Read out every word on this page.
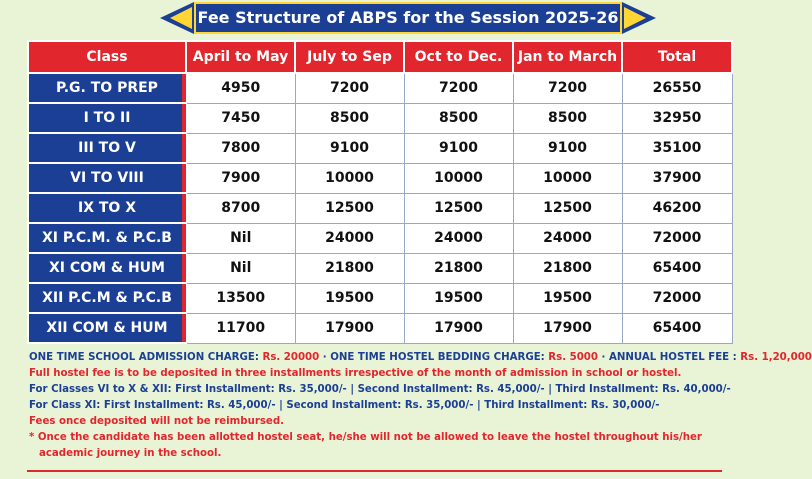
Fee Structure of ABPS for the Session 2025-26
Class	April to May	July to Sep	Oct to Dec.	Jan to March	Total
P.G. TO PREP	4950	7200	7200	7200	26550
I TO II	7450	8500	8500	8500	32950
III TO V	7800	9100	9100	9100	35100
VI TO VIII	7900	10000	10000	10000	37900
IX TO X	8700	12500	12500	12500	46200
XI P.C.M. & P.C.B	Nil	24000	24000	24000	72000
XI COM & HUM	Nil	21800	21800	21800	65400
XII P.C.M & P.C.B	13500	19500	19500	19500	72000
XII COM & HUM	11700	17900	17900	17900	65400
ONE TIME SCHOOL ADMISSION CHARGE: Rs. 20000 · ONE TIME HOSTEL BEDDING CHARGE: Rs. 5000 · ANNUAL HOSTEL FEE : Rs. 1,20,000
Full hostel fee is to be deposited in three installments irrespective of the month of admission in school or hostel.
For Classes VI to X & XII: First Installment: Rs. 35,000/- | Second Installment: Rs. 45,000/- | Third Installment: Rs. 40,000/-
For Class XI: First Installment: Rs. 45,000/- | Second Installment: Rs. 35,000/- | Third Installment: Rs. 30,000/-
Fees once deposited will not be reimbursed.
* Once the candidate has been allotted hostel seat, he/she will not be allowed to leave the hostel throughout his/her
academic journey in the school.
